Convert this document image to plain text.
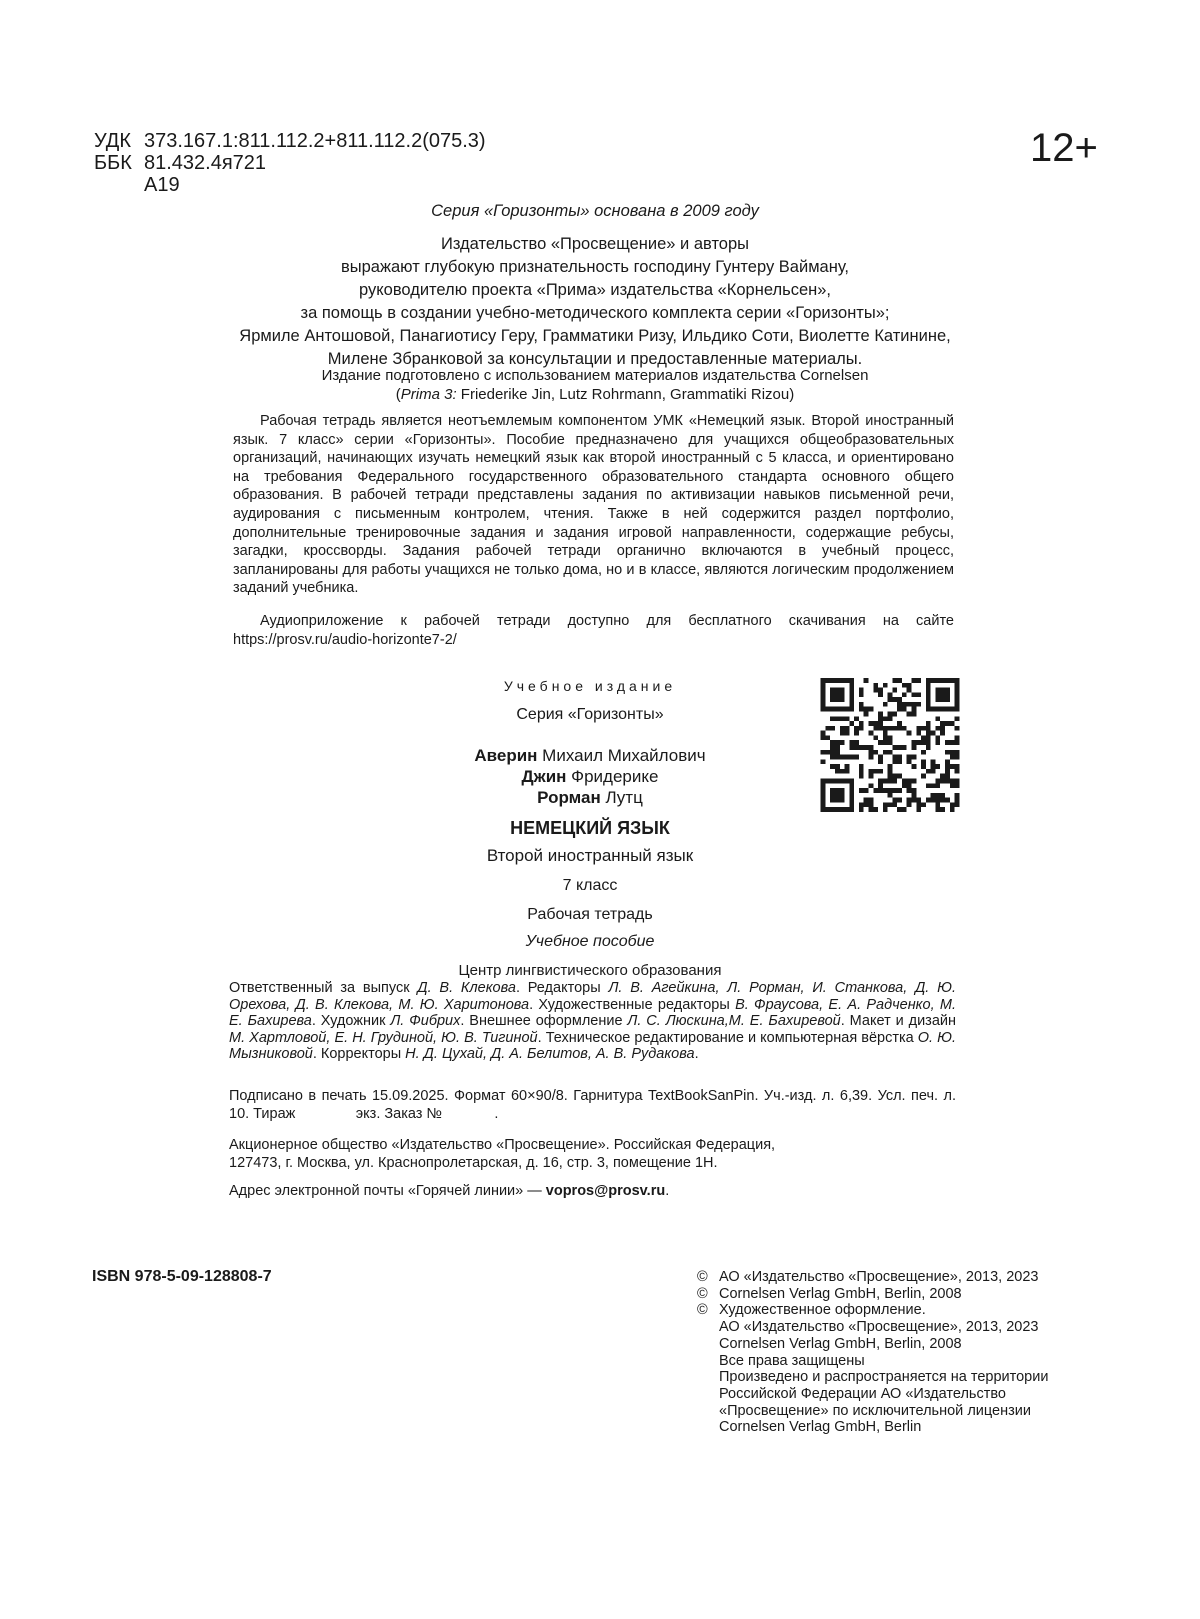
УДК 373.167.1:811.112.2+811.112.2(075.3)
ББК 81.432.4я721
А19
12+
Серия «Горизонты» основана в 2009 году
Издательство «Просвещение» и авторы
выражают глубокую признательность господину Гунтеру Вайману,
руководителю проекта «Прима» издательства «Корнельсен»,
за помощь в создании учебно-методического комплекта серии «Горизонты»;
Ярмиле Антошовой, Панагиотису Геру, Грамматики Ризу, Ильдико Соти, Виолетте Катинине,
Милене Збранковой за консультации и предоставленные материалы.
Издание подготовлено с использованием материалов издательства Cornelsen
(Prima 3: Friederike Jin, Lutz Rohrmann, Grammatiki Rizou)
Рабочая тетрадь является неотъемлемым компонентом УМК «Немецкий язык. Второй иностранный язык. 7 класс» серии «Горизонты». Пособие предназначено для учащихся общеобразовательных организаций, начинающих изучать немецкий язык как второй иностранный с 5 класса, и ориентировано на требования Федерального государственного образовательного стандарта основного общего образования. В рабочей тетради представлены задания по активизации навыков письменной речи, аудирования с письменным контролем, чтения. Также в ней содержится раздел портфолио, дополнительные тренировочные задания и задания игровой направленности, содержащие ребусы, загадки, кроссворды. Задания рабочей тетради органично включаются в учебный процесс, запланированы для работы учащихся не только дома, но и в классе, являются логическим продолжением заданий учебника.
Аудиоприложение к рабочей тетради доступно для бесплатного скачивания на сайте https://prosv.ru/audio-horizonte7-2/
Учебное издание
Серия «Горизонты»
Аверин Михаил Михайлович
Джин Фридерике
Рорман Лутц
НЕМЕЦКИЙ ЯЗЫК
Второй иностранный язык
7 класс
Рабочая тетрадь
Учебное пособие
Центр лингвистического образования
Ответственный за выпуск Д. В. Клекова. Редакторы Л. В. Агейкина, Л. Рорман, И. Станкова, Д. Ю. Орехова, Д. В. Клекова, М. Ю. Харитонова. Художественные редакторы В. Фраусова, Е. А. Радченко, М. Е. Бахирева. Художник Л. Фибрих. Внешнее оформление Л. С. Люскина,М. Е. Бахиревой. Макет и дизайн М. Хартловой, Е. Н. Грудиной, Ю. В. Тигиной. Техническое редактирование и компьютерная вёрстка О. Ю. Мызниковой. Корректоры Н. Д. Цухай, Д. А. Белитов, А. В. Рудакова.
Подписано в печать 15.09.2025. Формат 60×90/8. Гарнитура TextBookSanPin. Уч.-изд. л. 6,39. Усл. печ. л. 10. Тираж               экз. Заказ №             .
Акционерное общество «Издательство «Просвещение». Российская Федерация,
127473, г. Москва, ул. Краснопролетарская, д. 16, стр. 3, помещение 1Н.
Адрес электронной почты «Горячей линии» — vopros@prosv.ru.
ISBN 978-5-09-128808-7	© АО «Издательство «Просвещение», 2013, 2023
© Cornelsen Verlag GmbH, Berlin, 2008
© Художественное оформление.
АО «Издательство «Просвещение», 2013, 2023
Cornelsen Verlag GmbH, Berlin, 2008
Все права защищены
Произведено и распространяется на территории
Российской Федерации АО «Издательство
«Просвещение» по исключительной лицензии
Cornelsen Verlag GmbH, Berlin
